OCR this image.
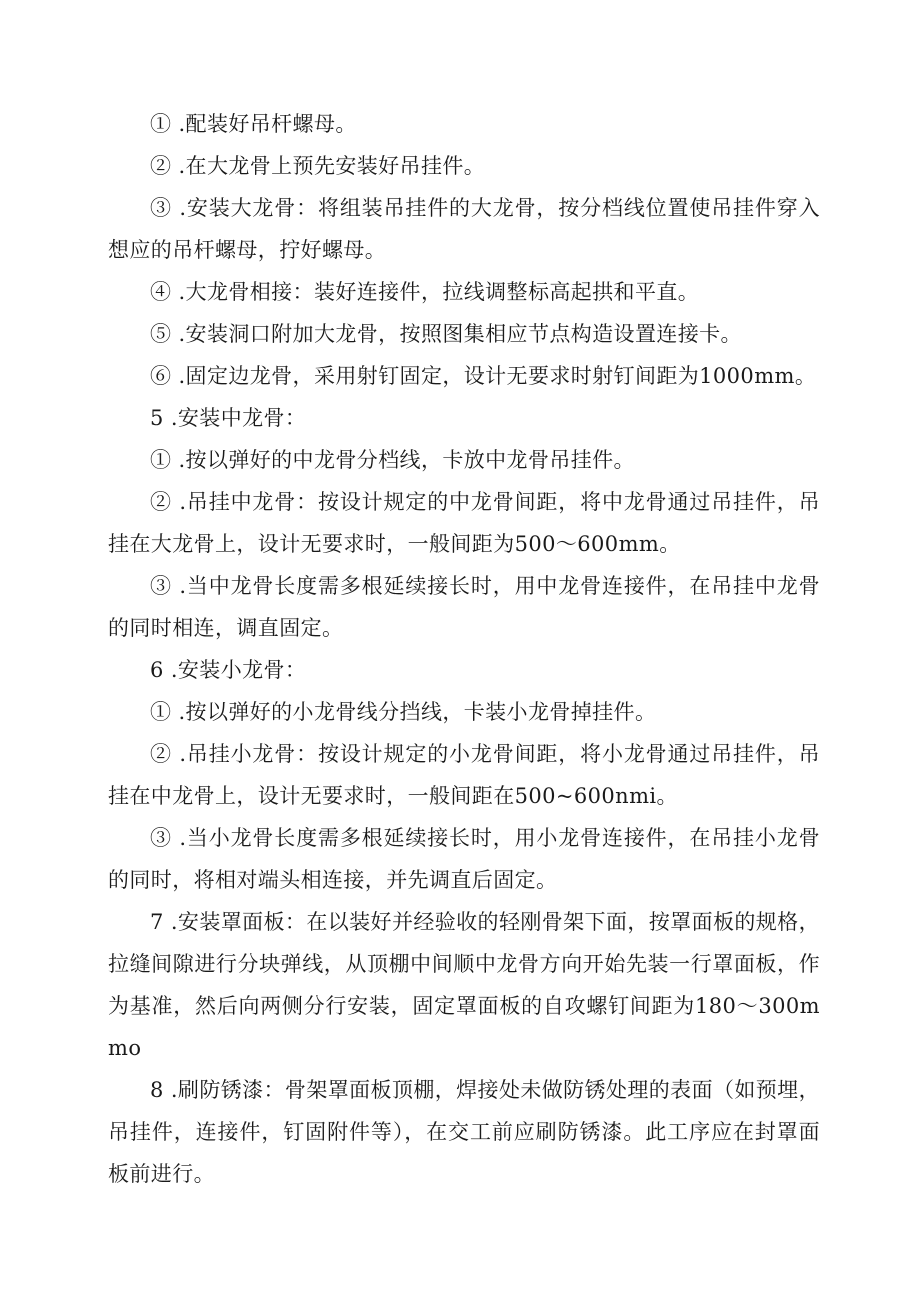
① .配装好吊杆螺母。

② .在大龙骨上预先安装好吊挂件。

③ .安装大龙骨：将组装吊挂件的大龙骨，按分档线位置使吊挂件穿入想应的吊杆螺母，拧好螺母。

④ .大龙骨相接：装好连接件，拉线调整标高起拱和平直。

⑤ .安装洞口附加大龙骨，按照图集相应节点构造设置连接卡。

⑥ .固定边龙骨，采用射钉固定，设计无要求时射钉间距为1000mm。

5 .安装中龙骨：

① .按以弹好的中龙骨分档线，卡放中龙骨吊挂件。

② .吊挂中龙骨：按设计规定的中龙骨间距，将中龙骨通过吊挂件，吊挂在大龙骨上，设计无要求时，一般间距为500～600mm。

③ .当中龙骨长度需多根延续接长时，用中龙骨连接件，在吊挂中龙骨的同时相连，调直固定。

6 .安装小龙骨：

① .按以弹好的小龙骨线分挡线，卡装小龙骨掉挂件。

② .吊挂小龙骨：按设计规定的小龙骨间距，将小龙骨通过吊挂件，吊挂在中龙骨上，设计无要求时，一般间距在500~600nmi。

③ .当小龙骨长度需多根延续接长时，用小龙骨连接件，在吊挂小龙骨的同时，将相对端头相连接，并先调直后固定。

7 .安装罩面板：在以装好并经验收的轻刚骨架下面，按罩面板的规格，拉缝间隙进行分块弹线，从顶棚中间顺中龙骨方向开始先装一行罩面板，作为基准，然后向两侧分行安装，固定罩面板的自攻螺钉间距为180～300mmo

8 .刷防锈漆：骨架罩面板顶棚，焊接处未做防锈处理的表面（如预埋，吊挂件，连接件，钉固附件等），在交工前应刷防锈漆。此工序应在封罩面板前进行。
